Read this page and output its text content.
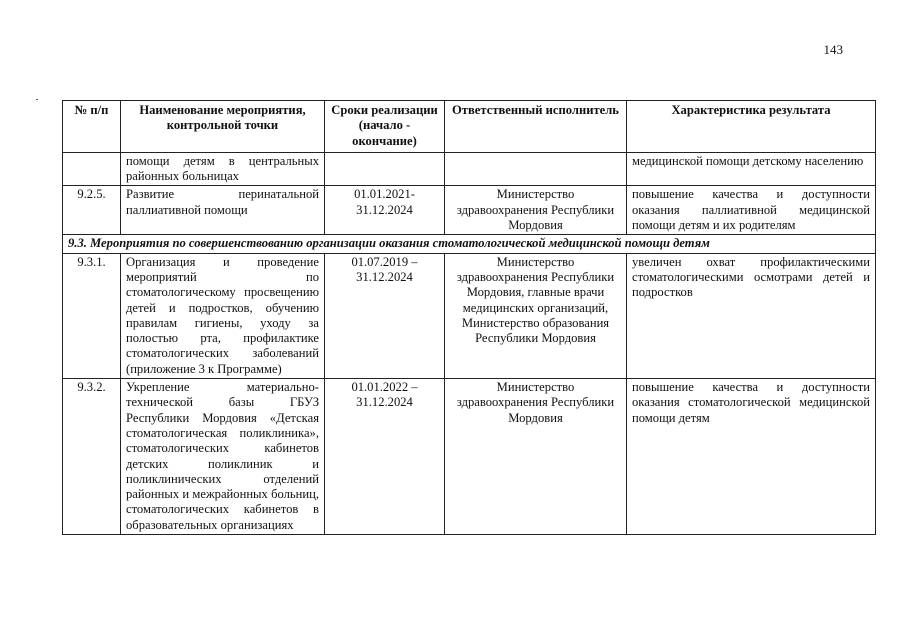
143
№ п/п	Наименование мероприятия, контрольной точки	Сроки реализации (начало - окончание)	Ответственный исполнитель	Характеристика результата
	помощи детям в центральных районных больницах			медицинской помощи детскому населению
9.2.5.	Развитие перинатальной паллиативной помощи	01.01.2021-31.12.2024	Министерство здравоохранения Республики Мордовия	повышение качества и доступности оказания паллиативной медицинской помощи детям и их родителям
9.3. Мероприятия по совершенствованию организации оказания стоматологической медицинской помощи детям				
9.3.1.	Организация и проведение мероприятий по стоматологическому просвещению детей и подростков, обучению правилам гигиены, уходу за полостью рта, профилактике стоматологических заболеваний (приложение 3 к Программе)	01.07.2019 – 31.12.2024	Министерство здравоохранения Республики Мордовия, главные врачи медицинских организаций, Министерство образования Республики Мордовия	увеличен охват профилактическими стоматологическими осмотрами детей и подростков
9.3.2.	Укрепление материально-технической базы ГБУЗ Республики Мордовия «Детская стоматологическая поликлиника», стоматологических кабинетов детских поликлиник и поликлинических отделений районных и межрайонных больниц, стоматологических кабинетов в образовательных организациях	01.01.2022 – 31.12.2024	Министерство здравоохранения Республики Мордовия	повышение качества и доступности оказания стоматологической медицинской помощи детям
